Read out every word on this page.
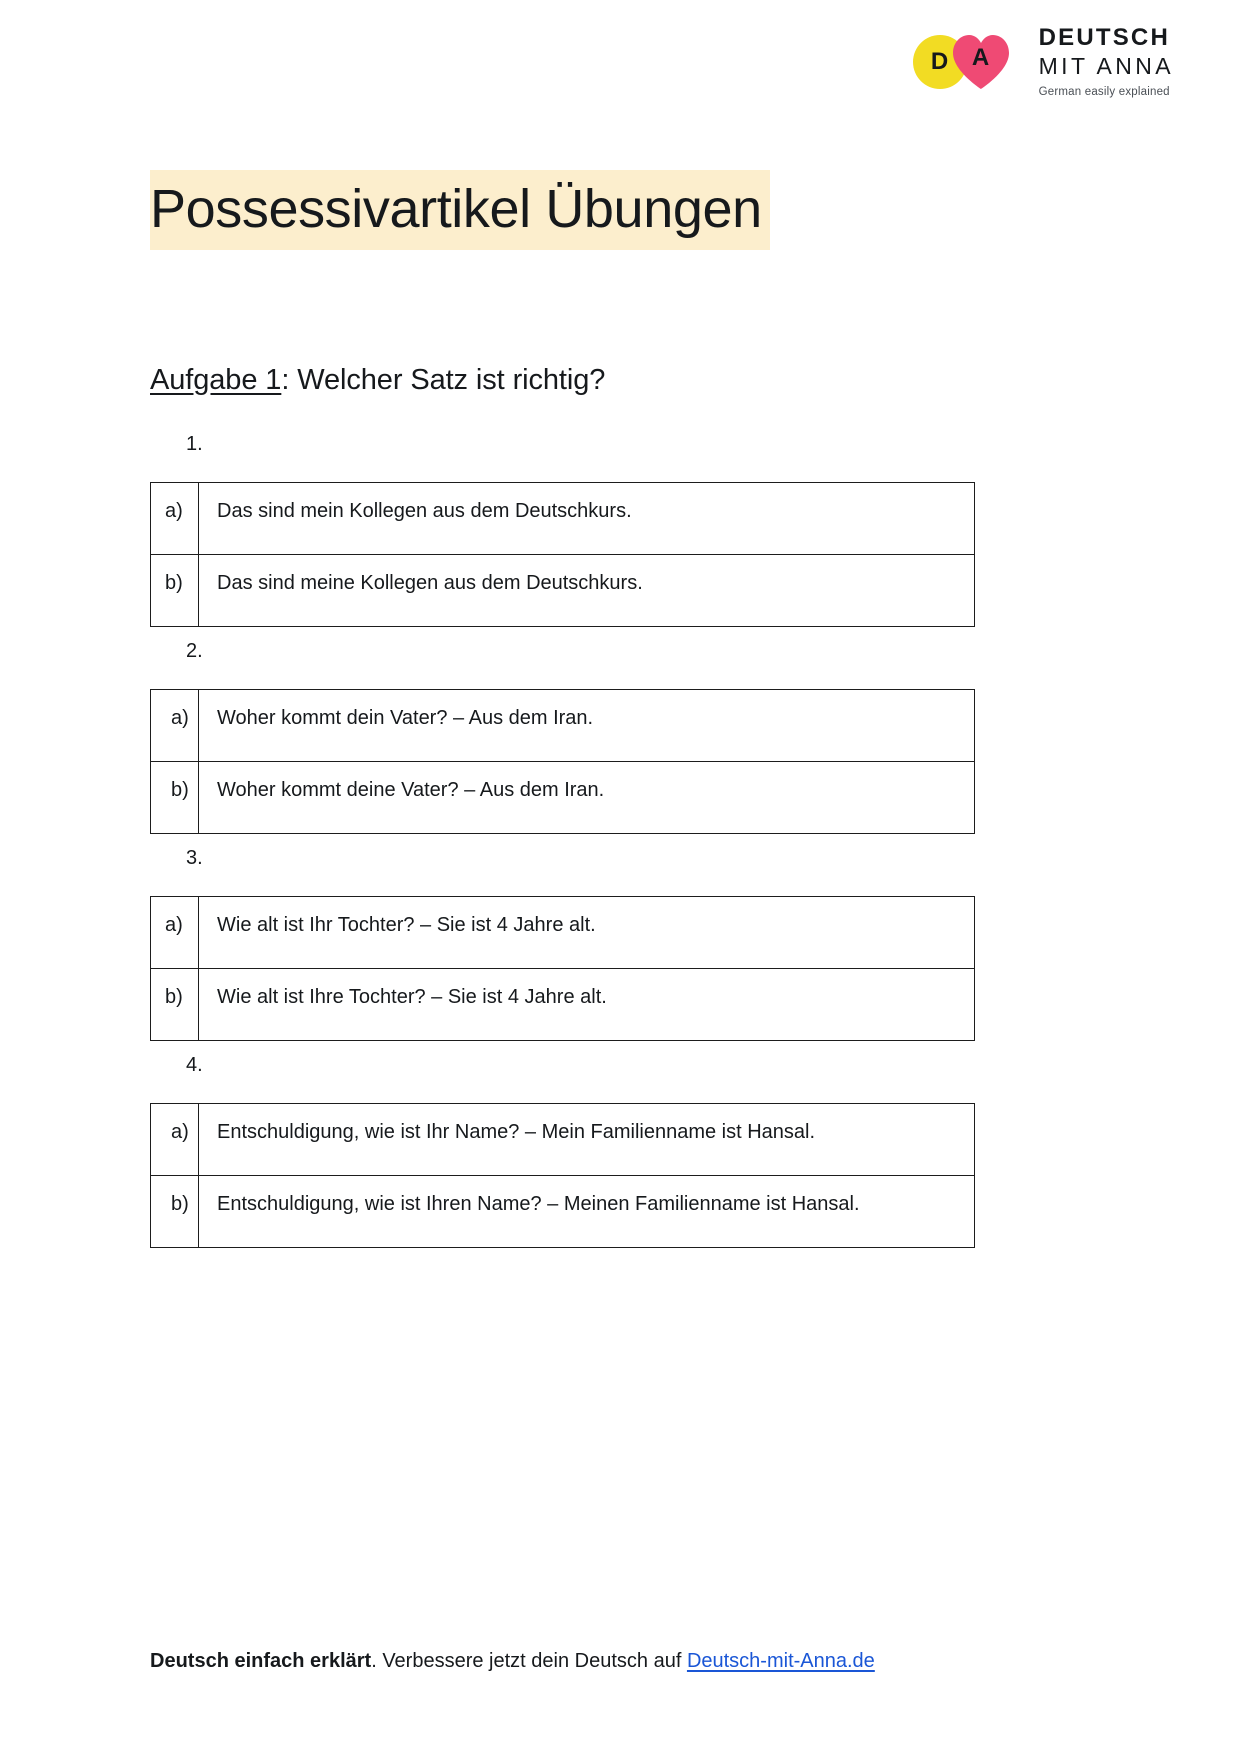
D A
DEUTSCH
MIT ANNA
German easily explained
Possessivartikel Übungen
Aufgabe 1: Welcher Satz ist richtig?
1.
a)	Das sind mein Kollegen aus dem Deutschkurs.
b)	Das sind meine Kollegen aus dem Deutschkurs.
2.
a)	Woher kommt dein Vater? – Aus dem Iran.
b)	Woher kommt deine Vater? – Aus dem Iran.
3.
a)	Wie alt ist Ihr Tochter? – Sie ist 4 Jahre alt.
b)	Wie alt ist Ihre Tochter? – Sie ist 4 Jahre alt.
4.
a)	Entschuldigung, wie ist Ihr Name? – Mein Familienname ist Hansal.
b)	Entschuldigung, wie ist Ihren Name? – Meinen Familienname ist Hansal.
Deutsch einfach erklärt. Verbessere jetzt dein Deutsch auf Deutsch-mit-Anna.de
